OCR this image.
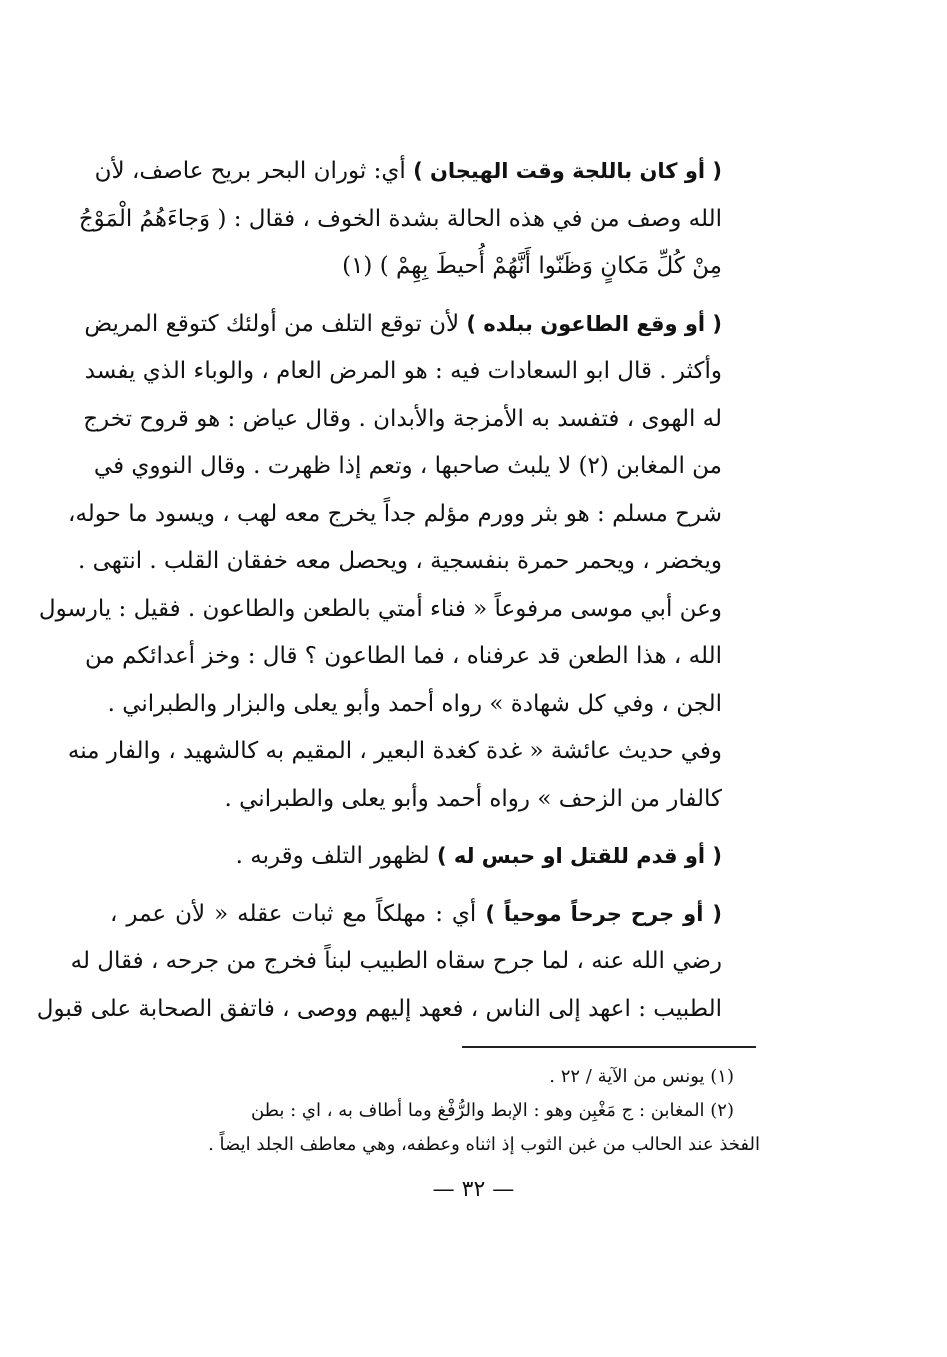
( أو كان باللجة وقت الهيجان ) أي: ثوران البحر بريح عاصف، لأن
الله وصف من في هذه الحالة بشدة الخوف ، فقال : ( وَجاءَهُمُ الْمَوْجُ
مِنْ كُلِّ مَكانٍ وَظَنّوا أَنَّهُمْ أُحيطَ بِهِمْ ) (١)
( أو وقع الطاعون ببلده ) لأن توقع التلف من أولئك كتوقع المريض
وأكثر . قال ابو السعادات فيه : هو المرض العام ، والوباء الذي يفسد
له الهوى ، فتفسد به الأمزجة والأبدان . وقال عياض : هو قروح تخرج
من المغابن (٢) لا يلبث صاحبها ، وتعم إذا ظهرت . وقال النووي في
شرح مسلم : هو بثر وورم مؤلم جداً يخرج معه لهب ، ويسود ما حوله،
ويخضر ، ويحمر حمرة بنفسجية ، ويحصل معه خفقان القلب . انتهى .
وعن أبي موسى مرفوعاً « فناء أمتي بالطعن والطاعون . فقيل : يارسول
الله ، هذا الطعن قد عرفناه ، فما الطاعون ؟ قال : وخز أعدائكم من
الجن ، وفي كل شهادة » رواه أحمد وأبو يعلى والبزار والطبراني .
وفي حديث عائشة « غدة كغدة البعير ، المقيم به كالشهيد ، والفار منه
كالفار من الزحف » رواه أحمد وأبو يعلى والطبراني .
( أو قدم للقتل او حبس له ) لظهور التلف وقربه .
( أو جرح جرحاً موحياً ) أي : مهلكاً مع ثبات عقله « لأن عمر ،
رضي الله عنه ، لما جرح سقاه الطبيب لبناً فخرج من جرحه ، فقال له
الطبيب : اعهد إلى الناس ، فعهد إليهم ووصى ، فاتفق الصحابة على قبول
(١) يونس من الآية / ٢٢ .
(٢) المغابن : ج مَغْبِن وهو : الإبط والرُّفْغ وما أطاف به ، اي : بطن
الفخذ عند الحالب من غبن الثوب إذ اثناه وعطفه، وهي معاطف الجلد ايضاً .
— ٣٢ —
